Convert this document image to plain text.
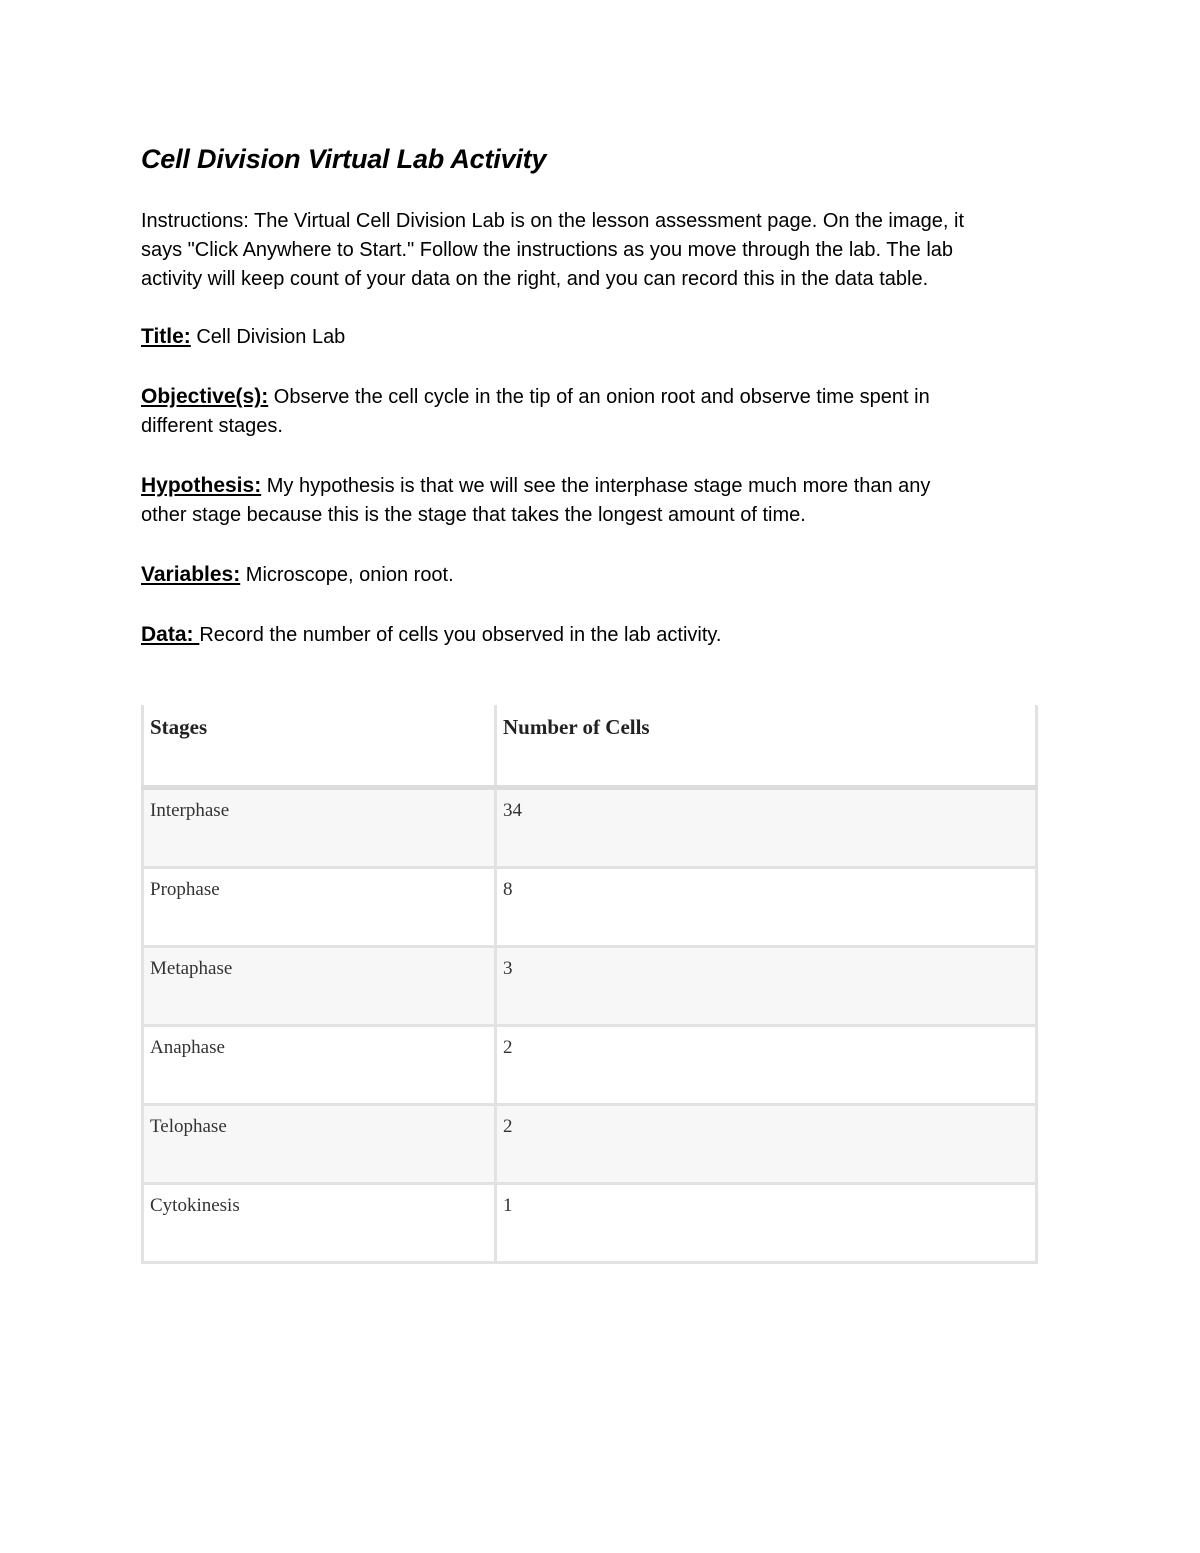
Cell Division Virtual Lab Activity

Instructions: The Virtual Cell Division Lab is on the lesson assessment page. On the image, it says "Click Anywhere to Start." Follow the instructions as you move through the lab. The lab activity will keep count of your data on the right, and you can record this in the data table.

Title: Cell Division Lab

Objective(s): Observe the cell cycle in the tip of an onion root and observe time spent in different stages.

Hypothesis: My hypothesis is that we will see the interphase stage much more than any other stage because this is the stage that takes the longest amount of time.

Variables: Microscope, onion root.

Data: Record the number of cells you observed in the lab activity.

Stages	Number of Cells
Interphase	34
Prophase	8
Metaphase	3
Anaphase	2
Telophase	2
Cytokinesis	1
